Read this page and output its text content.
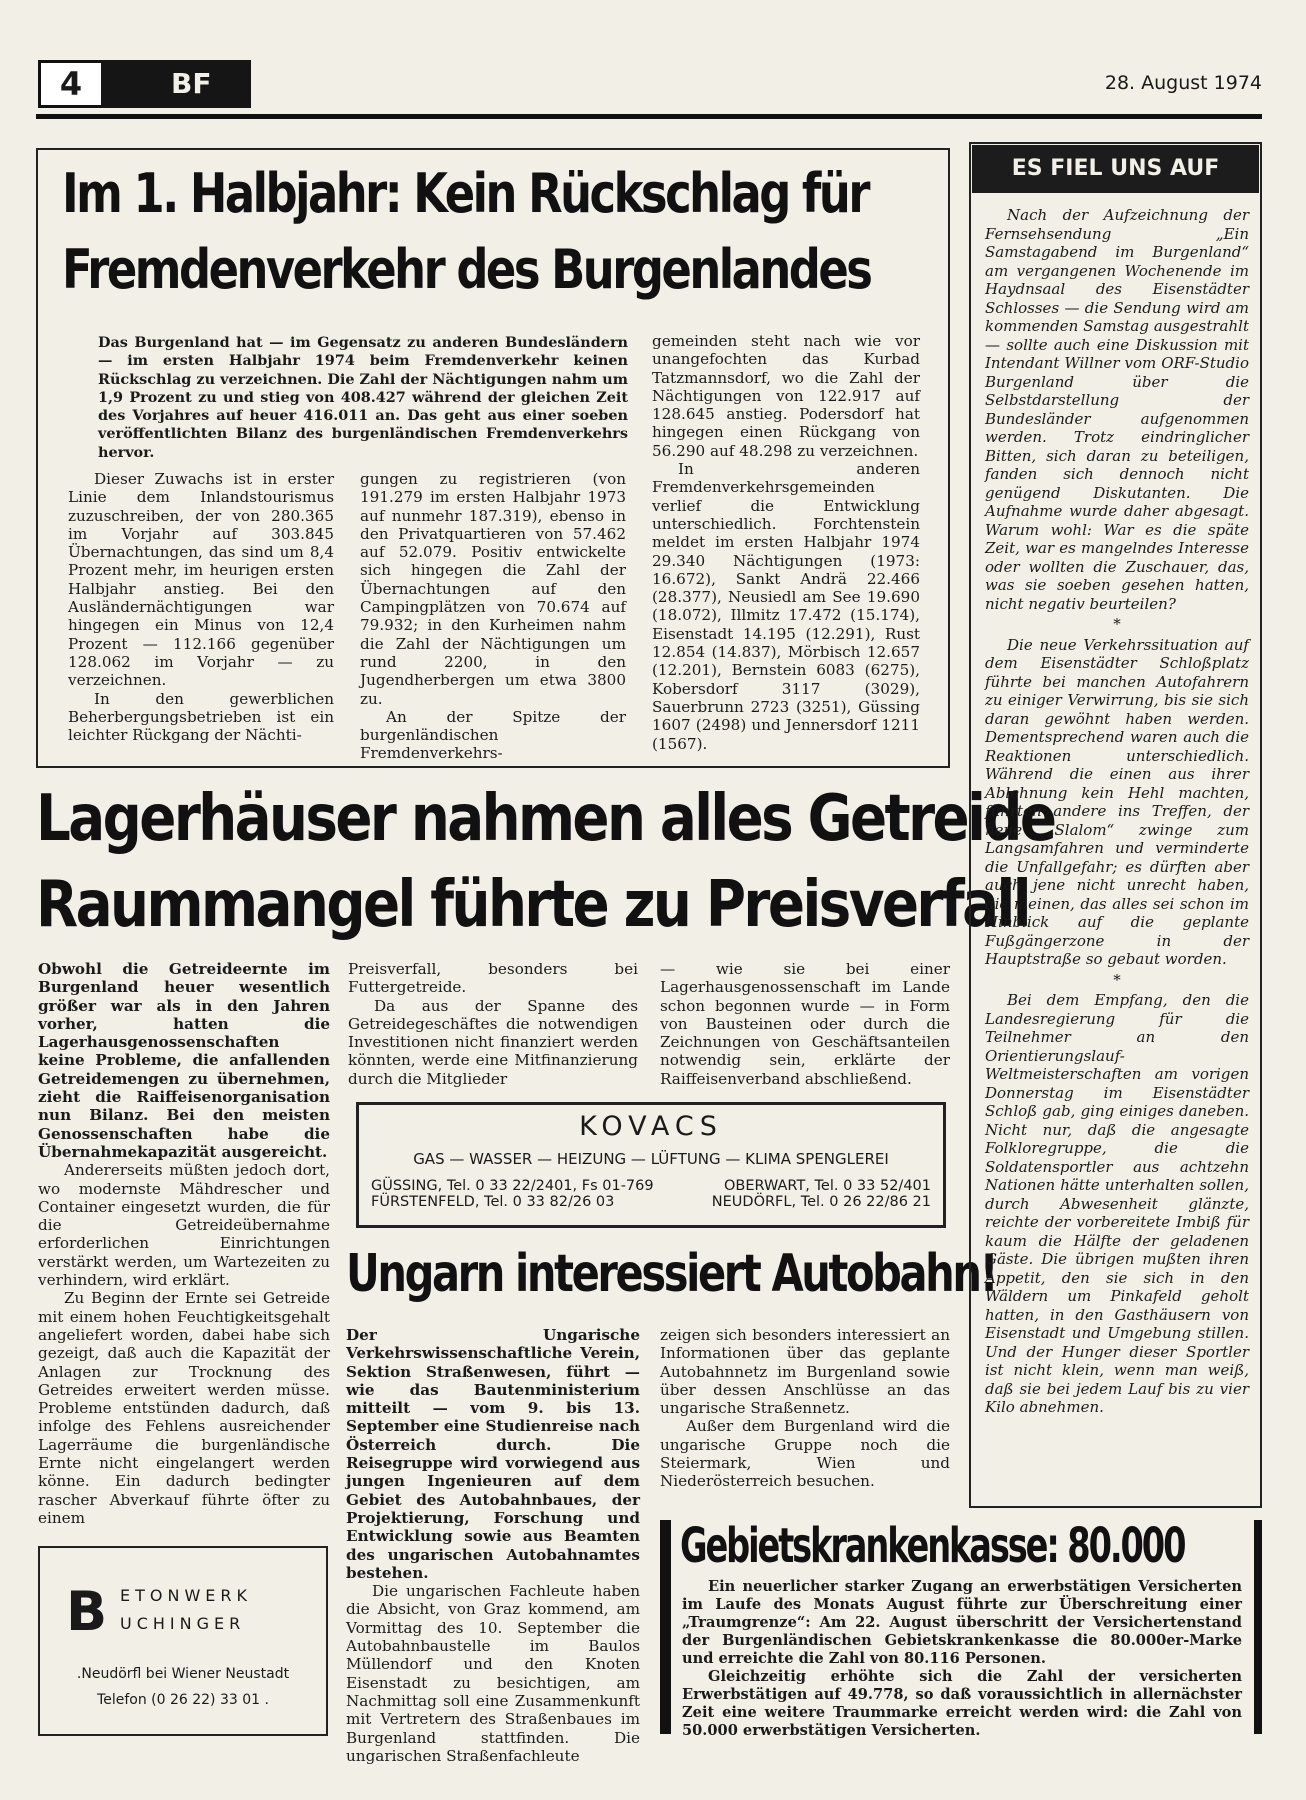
4	BF	28. August 1974
Im 1. Halbjahr: Kein Rückschlag für
Fremdenverkehr des Burgenlandes
Das Burgenland hat — im Gegensatz zu anderen Bundesländern — im ersten Halbjahr 1974 beim Fremdenverkehr keinen Rückschlag zu verzeichnen. Die Zahl der Nächtigungen nahm um 1,9 Prozent zu und stieg von 408.427 während der gleichen Zeit des Vorjahres auf heuer 416.011 an. Das geht aus einer soeben veröffentlichten Bilanz des burgenländischen Fremdenverkehrs hervor.

Dieser Zuwachs ist in erster Linie dem Inlandstourismus zuzuschreiben, der von 280.365 im Vorjahr auf 303.845 Übernachtungen, das sind um 8,4 Prozent mehr, im heurigen ersten Halbjahr anstieg. Bei den Ausländernächtigungen war hingegen ein Minus von 12,4 Prozent — 112.166 gegenüber 128.062 im Vorjahr — zu verzeichnen.

In den gewerblichen Beherbergungsbetrieben ist ein leichter Rückgang der Nächti-

gungen zu registrieren (von 191.279 im ersten Halbjahr 1973 auf nunmehr 187.319), ebenso in den Privatquartieren von 57.462 auf 52.079. Positiv entwickelte sich hingegen die Zahl der Übernachtungen auf den Campingplätzen von 70.674 auf 79.932; in den Kurheimen nahm die Zahl der Nächtigungen um rund 2200, in den Jugendherbergen um etwa 3800 zu.

An der Spitze der burgenländischen Fremdenverkehrs-

gemeinden steht nach wie vor unangefochten das Kurbad Tatzmannsdorf, wo die Zahl der Nächtigungen von 122.917 auf 128.645 anstieg. Podersdorf hat hingegen einen Rückgang von 56.290 auf 48.298 zu verzeichnen.

In anderen Fremdenverkehrsgemeinden verlief die Entwicklung unterschiedlich. Forchtenstein meldet im ersten Halbjahr 1974 29.340 Nächtigungen (1973: 16.672), Sankt Andrä 22.466 (28.377), Neusiedl am See 19.690 (18.072), Illmitz 17.472 (15.174), Eisenstadt 14.195 (12.291), Rust 12.854 (14.837), Mörbisch 12.657 (12.201), Bernstein 6083 (6275), Kobersdorf 3117 (3029), Sauerbrunn 2723 (3251), Güssing 1607 (2498) und Jennersdorf 1211 (1567).

Lagerhäuser nahmen alles Getreide
Raummangel führte zu Preisverfall

Obwohl die Getreideernte im Burgenland heuer wesentlich größer war als in den Jahren vorher, hatten die Lagerhausgenossenschaften keine Probleme, die anfallenden Getreidemengen zu übernehmen, zieht die Raiffeisenorganisation nun Bilanz. Bei den meisten Genossenschaften habe die Übernahmekapazität ausgereicht.

Andererseits müßten jedoch dort, wo modernste Mähdrescher und Container eingesetzt wurden, die für die Getreideübernahme erforderlichen Einrichtungen verstärkt werden, um Wartezeiten zu verhindern, wird erklärt.

Zu Beginn der Ernte sei Getreide mit einem hohen Feuchtigkeitsgehalt angeliefert worden, dabei habe sich gezeigt, daß auch die Kapazität der Anlagen zur Trocknung des Getreides erweitert werden müsse. Probleme entstünden dadurch, daß infolge des Fehlens ausreichender Lagerräume die burgenländische Ernte nicht eingelangert werden könne. Ein dadurch bedingter rascher Abverkauf führte öfter zu einem

Preisverfall, besonders bei Futtergetreide.

Da aus der Spanne des Getreidegeschäftes die notwendigen Investitionen nicht finanziert werden könnten, werde eine Mitfinanzierung durch die Mitglieder

— wie sie bei einer Lagerhausgenossenschaft im Lande schon begonnen wurde — in Form von Bausteinen oder durch die Zeichnungen von Geschäftsanteilen notwendig sein, erklärte der Raiffeisenverband abschließend.

KOVACS
GAS — WASSER — HEIZUNG — LÜFTUNG — KLIMA SPENGLEREI
GÜSSING, Tel. 0 33 22/2401, Fs 01-769	OBERWART, Tel. 0 33 52/401
FÜRSTENFELD, Tel. 0 33 82/26 03	NEUDÖRFL, Tel. 0 26 22/86 21
Ungarn interessiert Autobahn!

Der Ungarische Verkehrswissenschaftliche Verein, Sektion Straßenwesen, führt — wie das Bautenministerium mitteilt — vom 9. bis 13. September eine Studienreise nach Österreich durch. Die Reisegruppe wird vorwiegend aus jungen Ingenieuren auf dem Gebiet des Autobahnbaues, der Projektierung, Forschung und Entwicklung sowie aus Beamten des ungarischen Autobahnamtes bestehen.

Die ungarischen Fachleute haben die Absicht, von Graz kommend, am Vormittag des 10. September die Autobahnbaustelle im Baulos Müllendorf und den Knoten Eisenstadt zu besichtigen, am Nachmittag soll eine Zusammenkunft mit Vertretern des Straßenbaues im Burgenland stattfinden. Die ungarischen Straßenfachleute

zeigen sich besonders interessiert an Informationen über das geplante Autobahnnetz im Burgenland sowie über dessen Anschlüsse an das ungarische Straßennetz.

Außer dem Burgenland wird die ungarische Gruppe noch die Steiermark, Wien und Niederösterreich besuchen.

B ETONWERK
UCHINGER
.Neudörfl bei Wiener Neustadt
Telefon (0 26 22) 33 01 .
Gebietskrankenkasse: 80.000

Ein neuerlicher starker Zugang an erwerbstätigen Versicherten im Laufe des Monats August führte zur Überschreitung einer „Traumgrenze“: Am 22. August überschritt der Versichertenstand der Burgenländischen Gebietskrankenkasse die 80.000er-Marke und erreichte die Zahl von 80.116 Personen.

Gleichzeitig erhöhte sich die Zahl der versicherten Erwerbstätigen auf 49.778, so daß voraussichtlich in allernächster Zeit eine weitere Traummarke erreicht werden wird: die Zahl von 50.000 erwerbstätigen Versicherten.

ES FIEL UNS AUF

Nach der Aufzeichnung der Fernsehsendung „Ein Samstagabend im Burgenland“ am vergangenen Wochenende im Haydnsaal des Eisenstädter Schlosses — die Sendung wird am kommenden Samstag ausgestrahlt — sollte auch eine Diskussion mit Intendant Willner vom ORF-Studio Burgenland über die Selbstdarstellung der Bundesländer aufgenommen werden. Trotz eindringlicher Bitten, sich daran zu beteiligen, fanden sich dennoch nicht genügend Diskutanten. Die Aufnahme wurde daher abgesagt. Warum wohl: War es die späte Zeit, war es mangelndes Interesse oder wollten die Zuschauer, das, was sie soeben gesehen hatten, nicht negativ beurteilen?

*

Die neue Verkehrssituation auf dem Eisenstädter Schloßplatz führte bei manchen Autofahrern zu einiger Verwirrung, bis sie sich daran gewöhnt haben werden. Dementsprechend waren auch die Reaktionen unterschiedlich. Während die einen aus ihrer Ablehnung kein Hehl machten, führten andere ins Treffen, der neue „Slalom“ zwinge zum Langsamfahren und verminderte die Unfallgefahr; es dürften aber auch jene nicht unrecht haben, die meinen, das alles sei schon im Hinblick auf die geplante Fußgängerzone in der Hauptstraße so gebaut worden.

*

Bei dem Empfang, den die Landesregierung für die Teilnehmer an den Orientierungslauf-Weltmeisterschaften am vorigen Donnerstag im Eisenstädter Schloß gab, ging einiges daneben. Nicht nur, daß die angesagte Folkloregruppe, die die Soldatensportler aus achtzehn Nationen hätte unterhalten sollen, durch Abwesenheit glänzte, reichte der vorbereitete Imbiß für kaum die Hälfte der geladenen Gäste. Die übrigen mußten ihren Appetit, den sie sich in den Wäldern um Pinkafeld geholt hatten, in den Gasthäusern von Eisenstadt und Umgebung stillen. Und der Hunger dieser Sportler ist nicht klein, wenn man weiß, daß sie bei jedem Lauf bis zu vier Kilo abnehmen.
